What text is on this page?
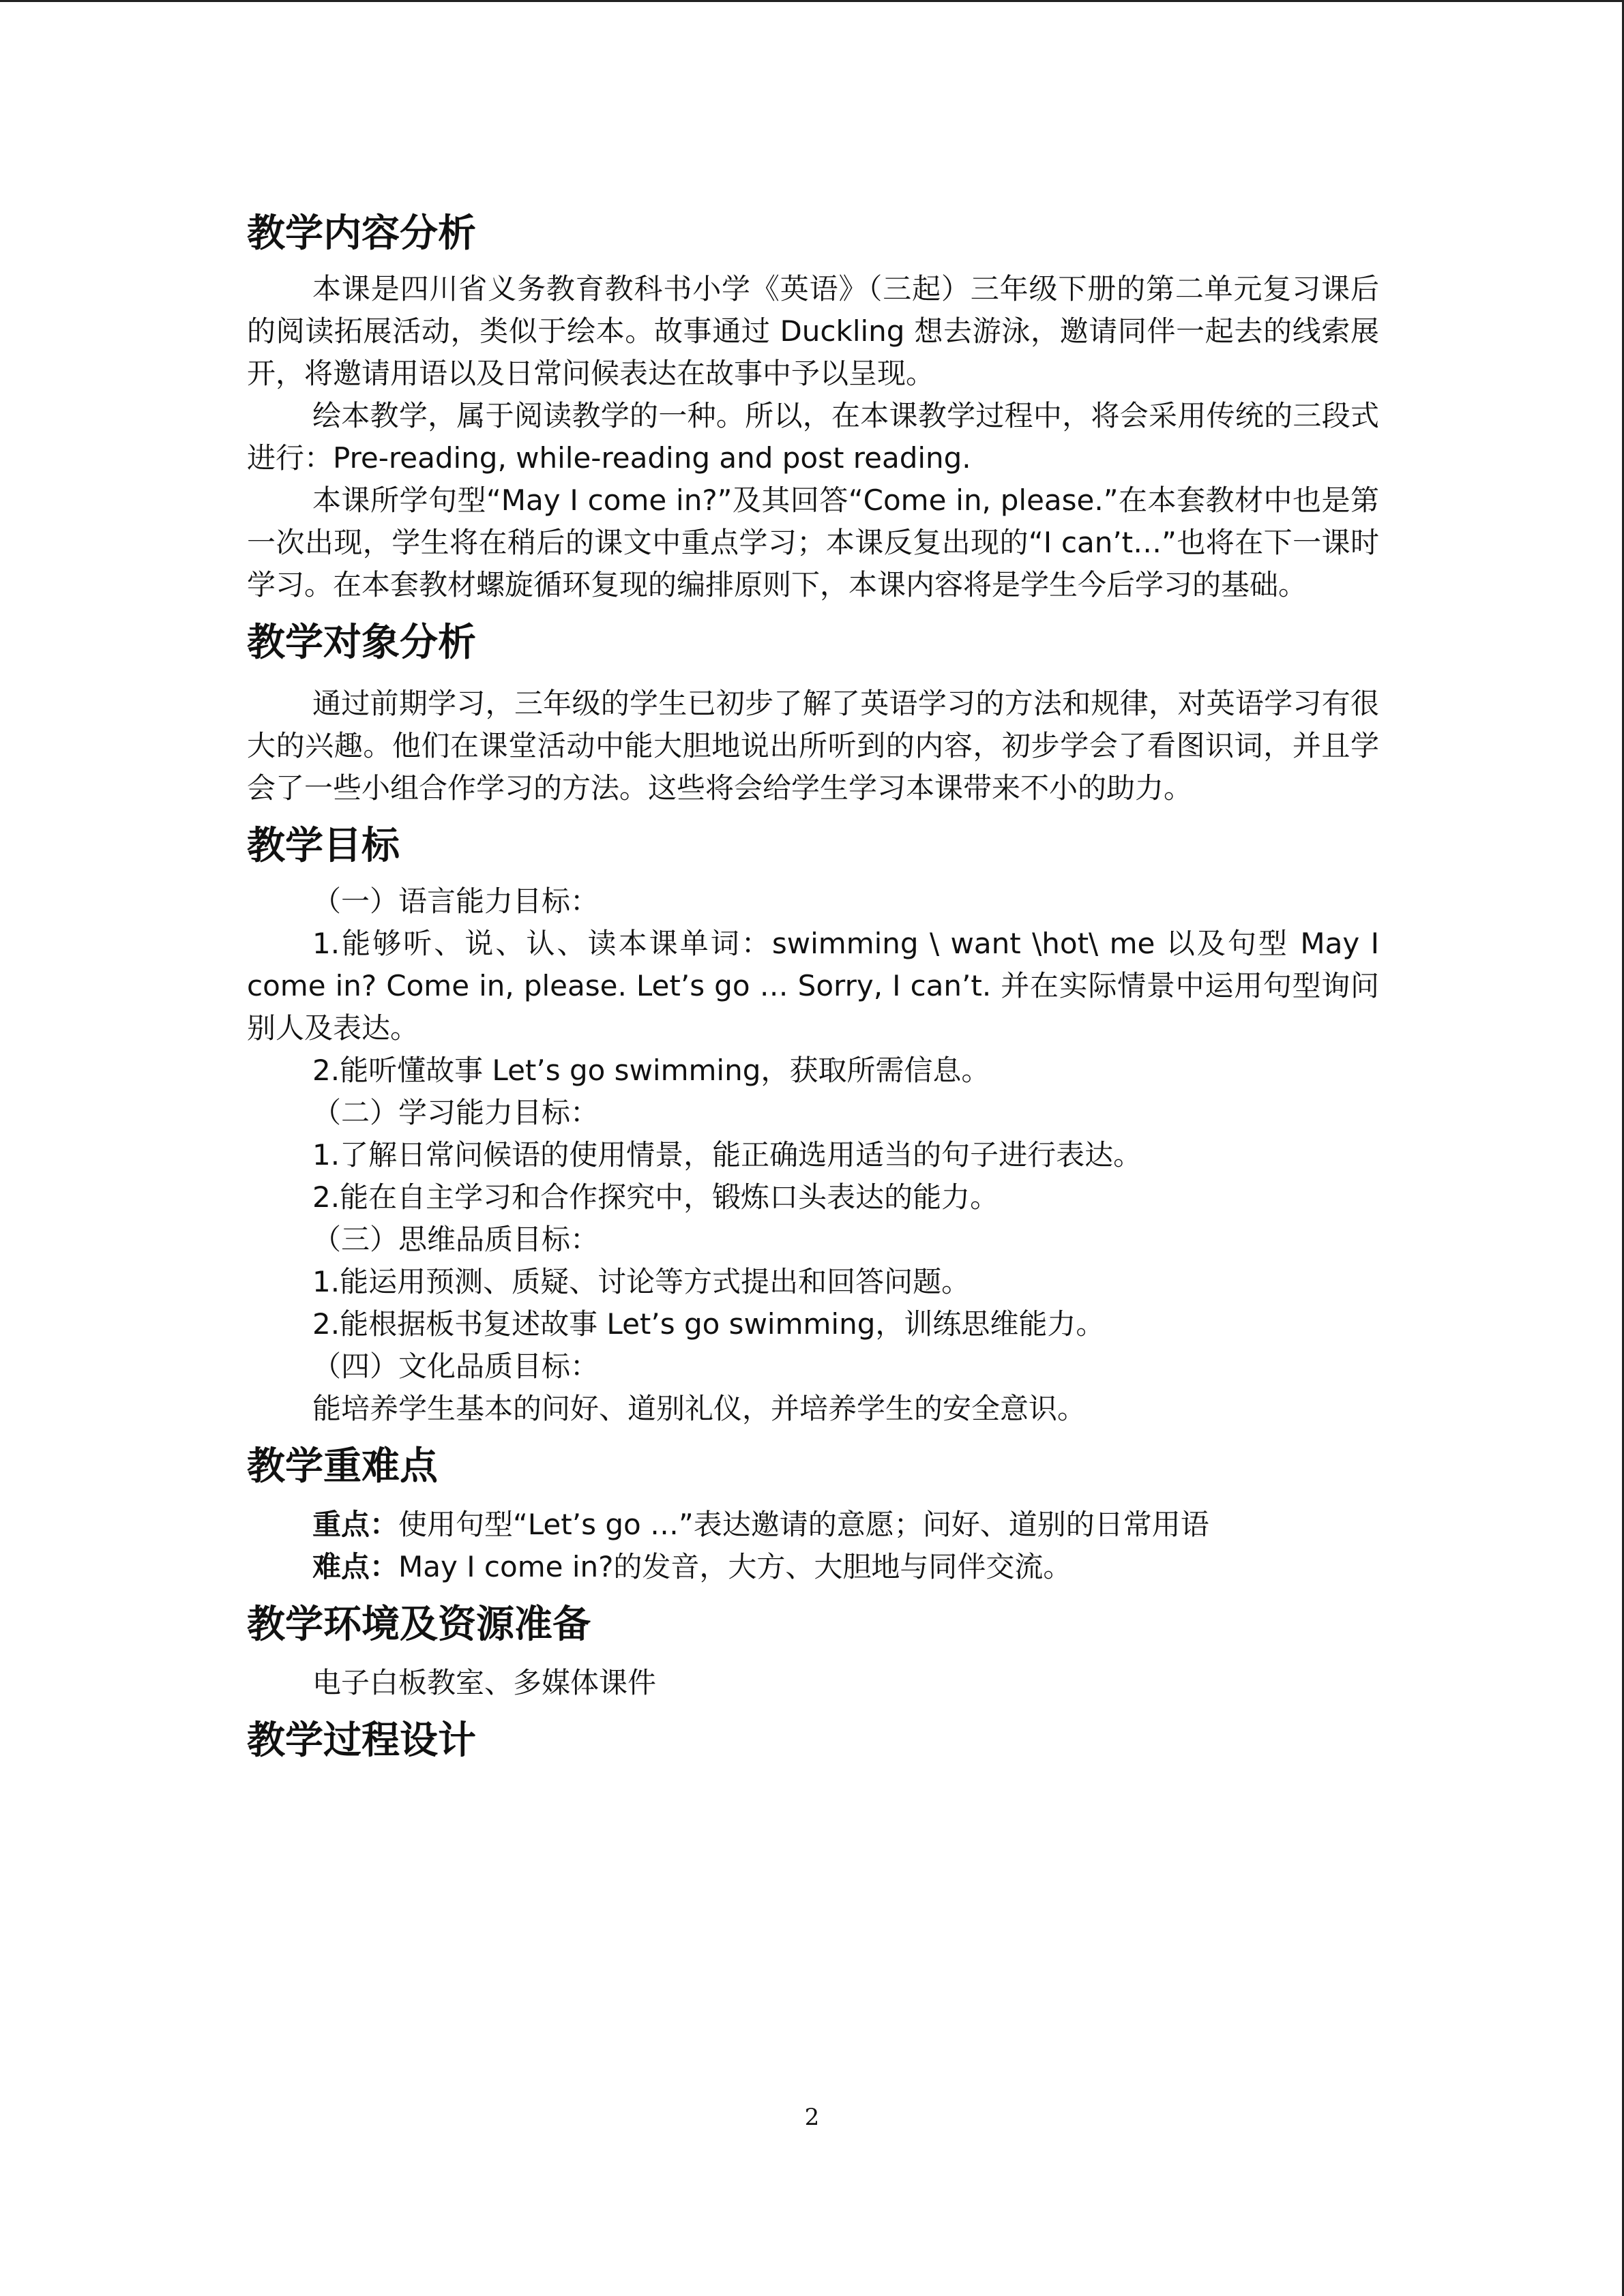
教学内容分析

本课是四川省义务教育教科书小学《英语》（三起）三年级下册的第二单元复习课后的阅读拓展活动，类似于绘本。故事通过 Duckling 想去游泳，邀请同伴一起去的线索展开，将邀请用语以及日常问候表达在故事中予以呈现。

绘本教学，属于阅读教学的一种。所以，在本课教学过程中，将会采用传统的三段式进行：Pre-reading, while-reading and post reading.

本课所学句型“May I come in?”及其回答“Come in, please.”在本套教材中也是第一次出现，学生将在稍后的课文中重点学习；本课反复出现的“I can’t…”也将在下一课时学习。在本套教材螺旋循环复现的编排原则下，本课内容将是学生今后学习的基础。

教学对象分析

通过前期学习，三年级的学生已初步了解了英语学习的方法和规律，对英语学习有很大的兴趣。他们在课堂活动中能大胆地说出所听到的内容，初步学会了看图识词，并且学会了一些小组合作学习的方法。这些将会给学生学习本课带来不小的助力。

教学目标

（一）语言能力目标：

1.能够听、说、认、读本课单词：swimming \ want \hot\ me 以及句型 May I come in? Come in, please. Let’s go … Sorry, I can’t. 并在实际情景中运用句型询问别人及表达。

2.能听懂故事 Let’s go swimming，获取所需信息。

（二）学习能力目标：

1.了解日常问候语的使用情景，能正确选用适当的句子进行表达。

2.能在自主学习和合作探究中，锻炼口头表达的能力。

（三）思维品质目标：

1.能运用预测、质疑、讨论等方式提出和回答问题。

2.能根据板书复述故事 Let’s go swimming，训练思维能力。

（四）文化品质目标：

能培养学生基本的问好、道别礼仪，并培养学生的安全意识。

教学重难点

重点：使用句型“Let’s go …”表达邀请的意愿；问好、道别的日常用语

难点：May I come in?的发音，大方、大胆地与同伴交流。

教学环境及资源准备

电子白板教室、多媒体课件

教学过程设计
2
